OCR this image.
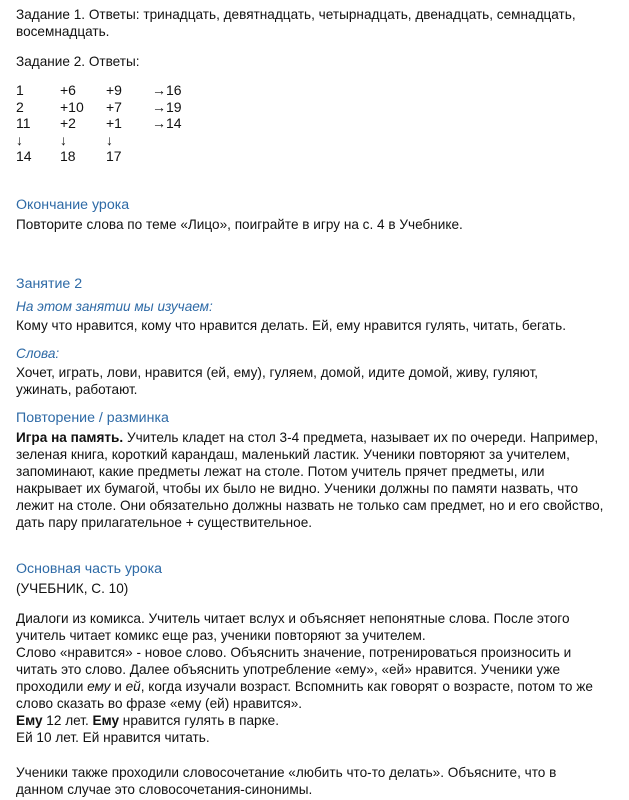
Задание 1. Ответы: тринадцать, девятнадцать, четырнадцать, двенадцать, семнадцать, восемнадцать.

Задание 2. Ответы:

1	+6 +9 →16
2	+10 +7 →19
11 +2 +1 →14
↓	↓	↓
14 18 17

Окончание урока

Повторите слова по теме «Лицо», поиграйте в игру на с. 4 в Учебнике.

Занятие 2

На этом занятии мы изучаем:

Кому что нравится, кому что нравится делать. Ей, ему нравится гулять, читать, бегать.

Слова:

Хочет, играть, лови, нравится (ей, ему), гуляем, домой, идите домой, живу, гуляют, ужинать, работают.

Повторение / разминка

Игра на память. Учитель кладет на стол 3-4 предмета, называет их по очереди. Например, зеленая книга, короткий карандаш, маленький ластик. Ученики повторяют за учителем, запоминают, какие предметы лежат на столе. Потом учитель прячет предметы, или накрывает их бумагой, чтобы их было не видно. Ученики должны по памяти назвать, что лежит на столе. Они обязательно должны назвать не только сам предмет, но и его свойство, дать пару прилагательное + существительное.

Основная часть урока

(УЧЕБНИК, С. 10)

Диалоги из комикса. Учитель читает вслух и объясняет непонятные слова. После этого учитель читает комикс еще раз, ученики повторяют за учителем.

Слово «нравится» - новое слово. Объяснить значение, потренироваться произносить и читать это слово. Далее объяснить употребление «ему», «ей» нравится. Ученики уже проходили ему и ей, когда изучали возраст. Вспомнить как говорят о возрасте, потом то же слово сказать во фразе «ему (ей) нравится».

Ему 12 лет. Ему нравится гулять в парке.

Ей 10 лет. Ей нравится читать.

Ученики также проходили словосочетание «любить что-то делать». Объясните, что в данном случае это словосочетания-синонимы.
